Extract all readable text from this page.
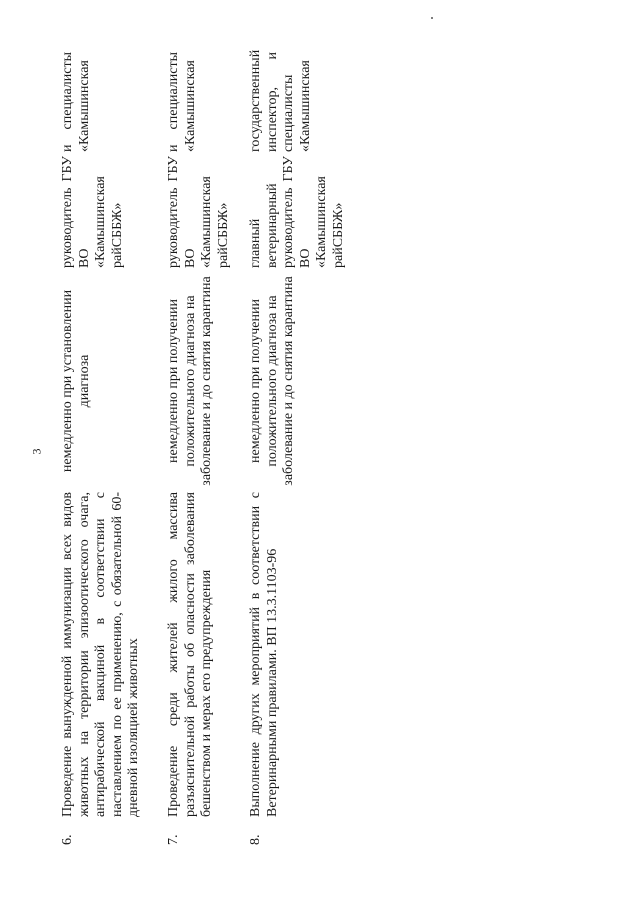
3
6.
Проведение вынужденной иммунизации всех видов животных на территории эпизоотического очага, антирабической вакциной в соответствии с наставлением по ее применению, с обязательной 60-дневной изоляцией животных
немедленно при установлении диагноза
руководитель ГБУ ВО «Камышинская райСББЖ»
и специалисты «Камышинская
7.
Проведение среди жителей жилого массива разъяснительной работы об опасности заболевания бешенством и мерах его предупреждения
немедленно при получении положительного диагноза на заболевание и до снятия карантина
руководитель ГБУ ВО «Камышинская райСББЖ»
и специалисты «Камышинская
8.
Выполнение других мероприятий в соответствии с Ветеринарными правилами. ВП 13.3.1103-96
немедленно при получении положительного диагноза на заболевание и до снятия карантина
главный ветеринарный руководитель ГБУ ВО «Камышинская райСББЖ»
государственный инспектор, и специалисты «Камышинская
